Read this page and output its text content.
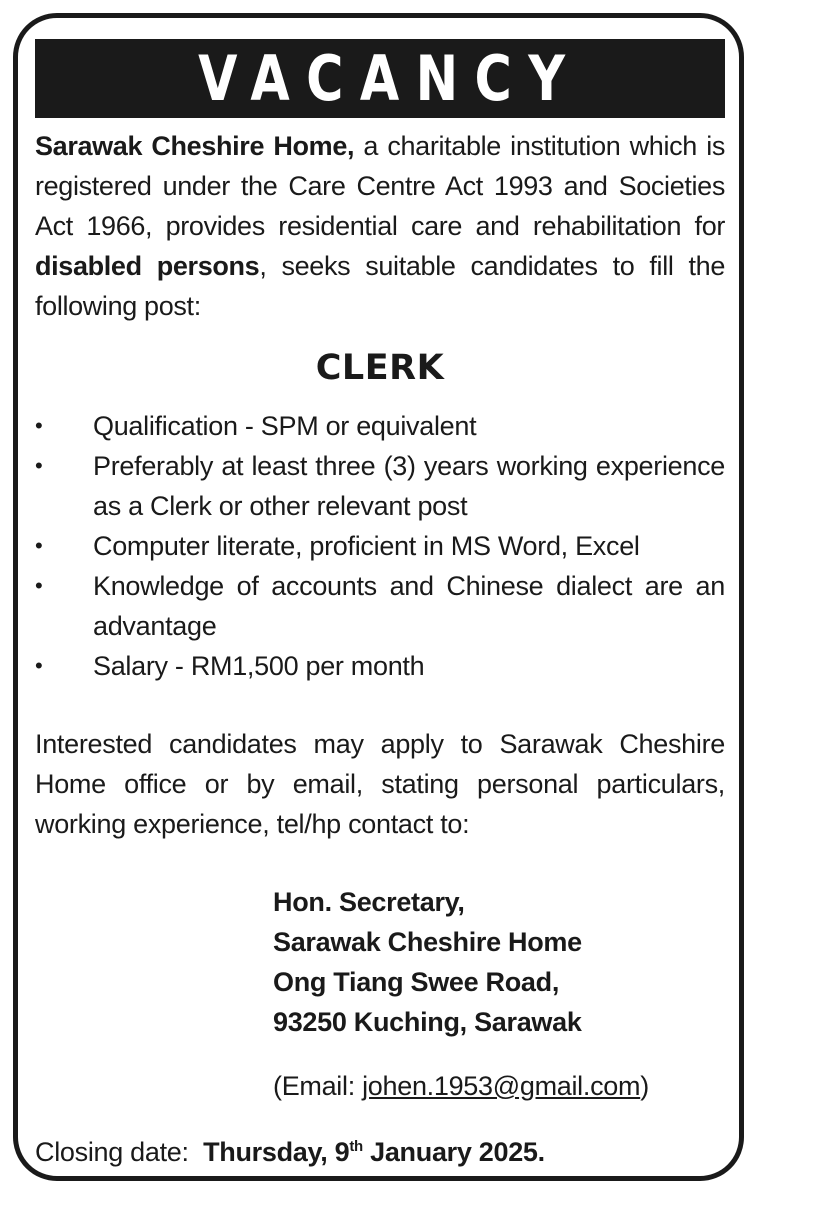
VACANCY

Sarawak Cheshire Home, a charitable institution which is registered under the Care Centre Act 1993 and Societies Act 1966, provides residential care and rehabilitation for disabled persons, seeks suitable candidates to fill the following post:

CLERK
• Qualification - SPM or equivalent
• Preferably at least three (3) years working experience as a Clerk or other relevant post
• Computer literate, proficient in MS Word, Excel
• Knowledge of accounts and Chinese dialect are an advantage
• Salary - RM1,500 per month

Interested candidates may apply to Sarawak Cheshire Home office or by email, stating personal particulars, working experience, tel/hp contact to:

Hon. Secretary,
Sarawak Cheshire Home
Ong Tiang Swee Road,
93250 Kuching, Sarawak
(Email: johen.1953@gmail.com)
Closing date: Thursday, 9th January 2025.
